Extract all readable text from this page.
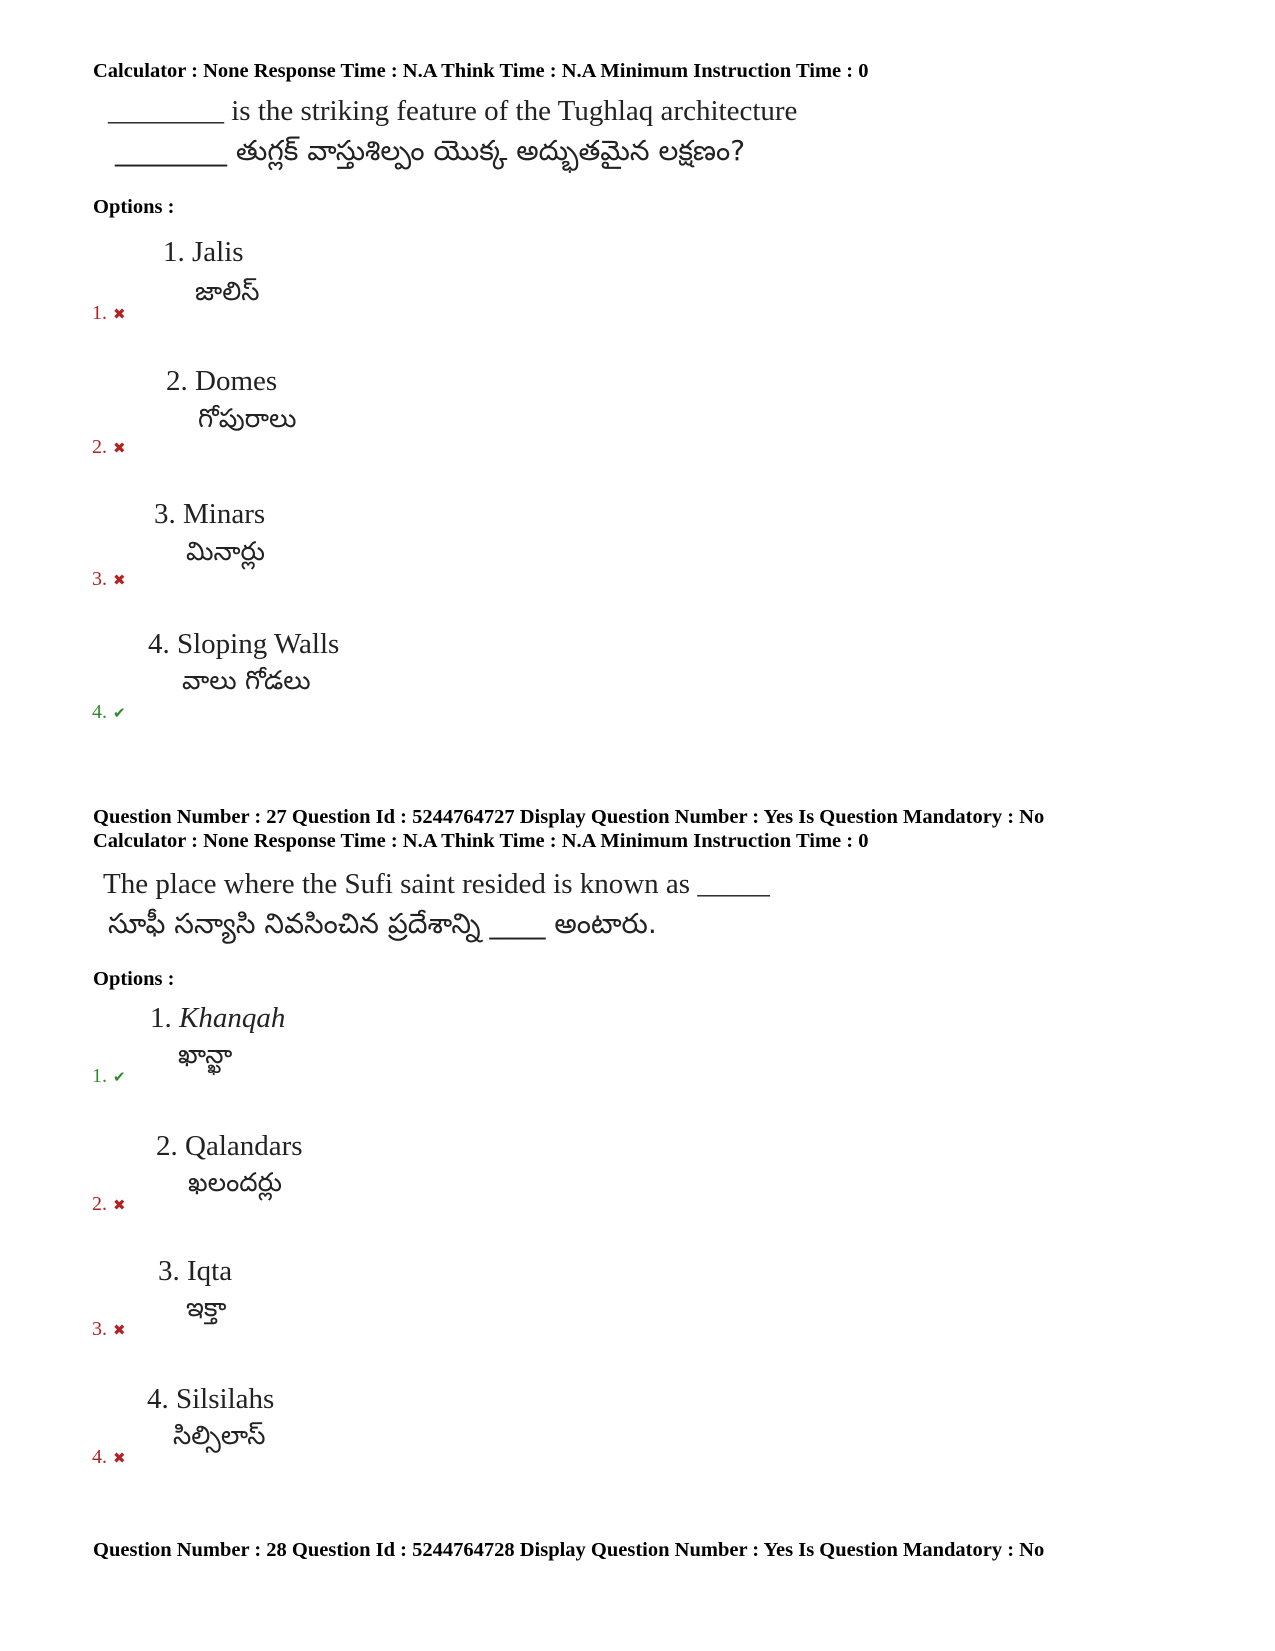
Calculator : None Response Time : N.A Think Time : N.A Minimum Instruction Time : 0
________ is the striking feature of the Tughlaq architecture
________ తుగ్లక్ వాస్తుశిల్పం యొక్క అద్భుతమైన లక్షణం?
Options :
1. Jalis
జాలిస్
1. ✖
2. Domes
గోపురాలు
2. ✖
3. Minars
మినార్లు
3. ✖
4. Sloping Walls
వాలు గోడలు
4. ✔
Question Number : 27 Question Id : 5244764727 Display Question Number : Yes Is Question Mandatory : No
Calculator : None Response Time : N.A Think Time : N.A Minimum Instruction Time : 0
The place where the Sufi saint resided is known as _____
సూఫీ సన్యాసి నివసించిన ప్రదేశాన్ని ____ అంటారు.
Options :
1. Khanqah
ఖాన్ఖా
1. ✔
2. Qalandars
ఖలందర్లు
2. ✖
3. Iqta
ఇక్తా
3. ✖
4. Silsilahs
సిల్సిలాస్
4. ✖
Question Number : 28 Question Id : 5244764728 Display Question Number : Yes Is Question Mandatory : No
